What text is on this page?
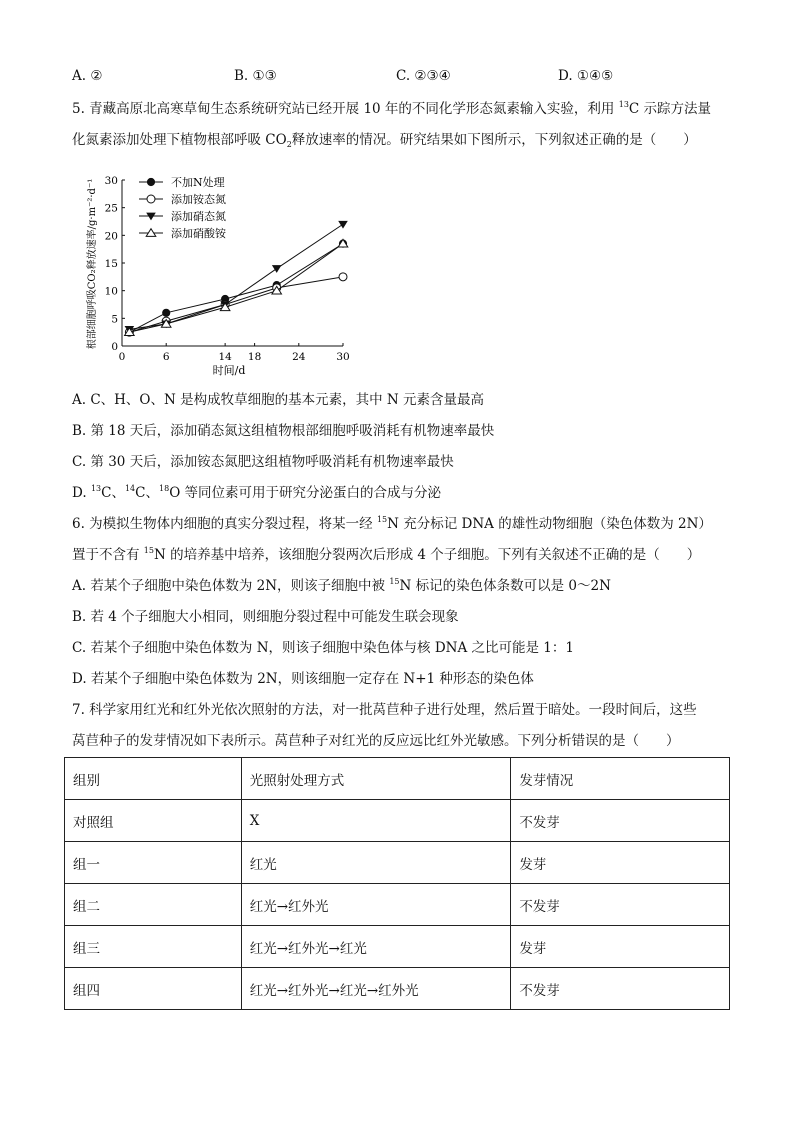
A. ②	B. ①③	C. ②③④	D. ①④⑤
5. 青藏高原北高寒草甸生态系统研究站已经开展 10 年的不同化学形态氮素输入实验，利用 $^{13}$C 示踪方法量
化氮素添加处理下植物根部呼吸 $CO_2$释放速率的情况。研究结果如下图所示，下列叙述正确的是（　　）
0
5
10
15
20
25
30
0	6	14 18	24	30
不加N处理
添加铵态氮
添加硝态氮
添加硝酸铵
根部细胞呼吸CO₂释放速率/g·m⁻²·d⁻¹
时间/d
A. C、H、O、N 是构成牧草细胞的基本元素，其中 N 元素含量最高
B. 第 18 天后，添加硝态氮这组植物根部细胞呼吸消耗有机物速率最快
C. 第 30 天后，添加铵态氮肥这组植物呼吸消耗有机物速率最快
D. $^{13}$C、$^{14}$C、$^{18}$O 等同位素可用于研究分泌蛋白的合成与分泌
6. 为模拟生物体内细胞的真实分裂过程，将某一经 $^{15}$N 充分标记 DNA 的雄性动物细胞（染色体数为 2N）
置于不含有 $^{15}$N 的培养基中培养，该细胞分裂两次后形成 4 个子细胞。下列有关叙述不正确的是（　　）
A. 若某个子细胞中染色体数为 2N，则该子细胞中被 $^{15}$N 标记的染色体条数可以是 0～2N
B. 若 4 个子细胞大小相同，则细胞分裂过程中可能发生联会现象
C. 若某个子细胞中染色体数为 N，则该子细胞中染色体与核 DNA 之比可能是 1：1
D. 若某个子细胞中染色体数为 2N，则该细胞一定存在 N+1 种形态的染色体
7. 科学家用红光和红外光依次照射的方法，对一批莴苣种子进行处理，然后置于暗处。一段时间后，这些
莴苣种子的发芽情况如下表所示。莴苣种子对红光的反应远比红外光敏感。下列分析错误的是（　　）
组别	光照射处理方式	发芽情况
对照组	X	不发芽
组一	红光	发芽
组二	红光→红外光	不发芽
组三	红光→红外光→红光	发芽
组四	红光→红外光→红光→红外光	不发芽
